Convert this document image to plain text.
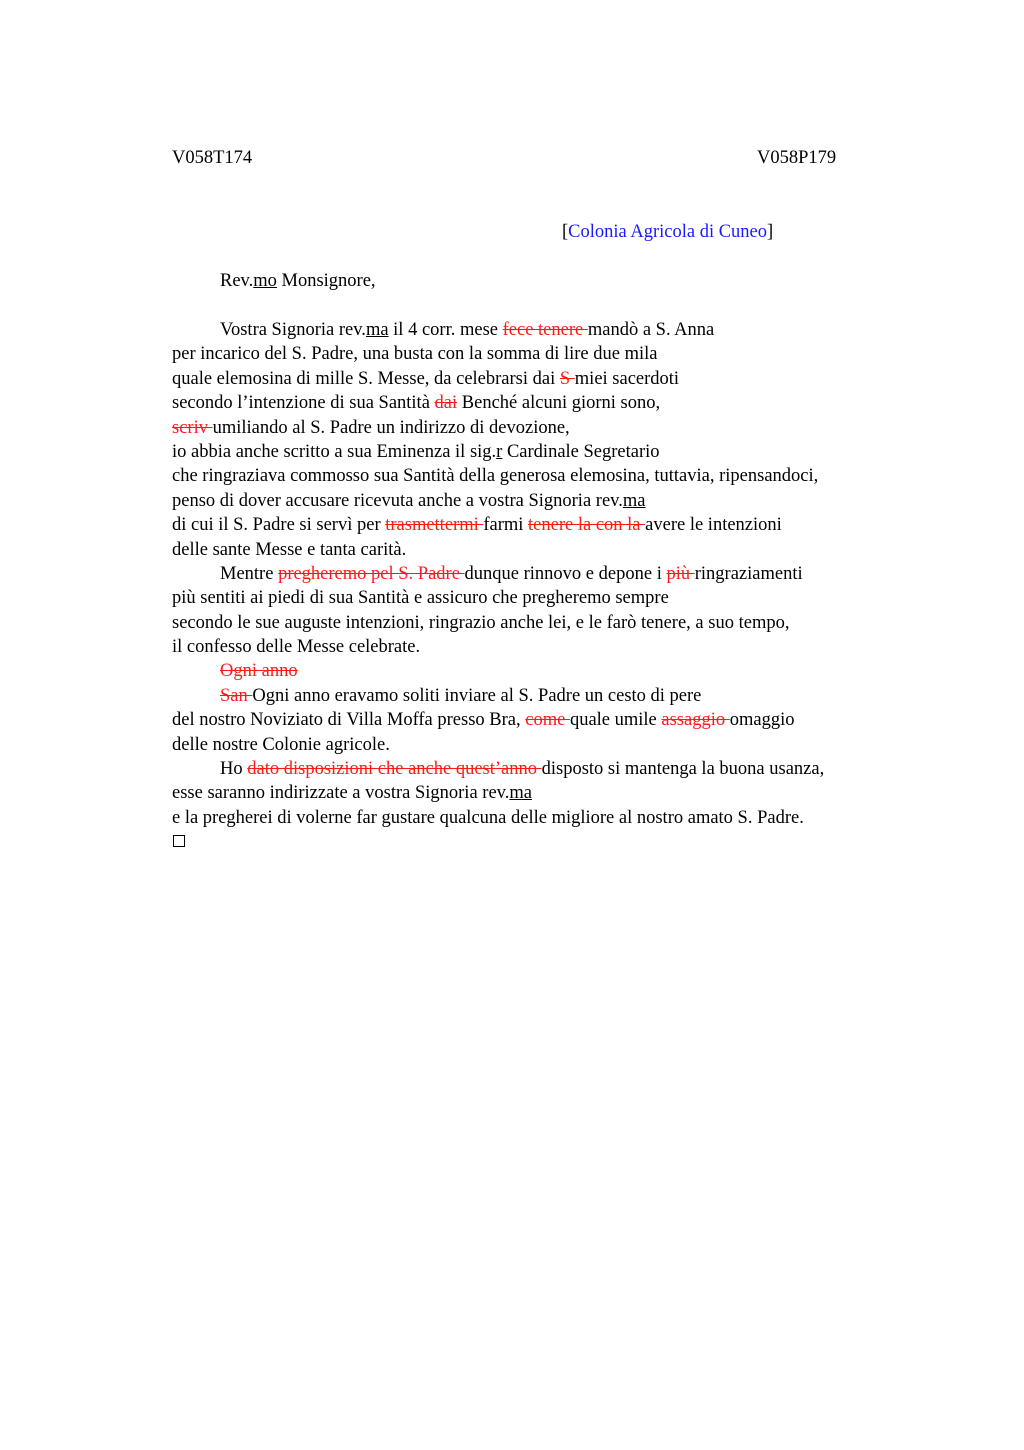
V058T174	V058P179
[Colonia Agricola di Cuneo]
Rev.mo Monsignore,
Vostra Signoria rev.ma il 4 corr. mese fece tenere mandò a S. Anna
per incarico del S. Padre, una busta con la somma di lire due mila
quale elemosina di mille S. Messe, da celebrarsi dai S miei sacerdoti
secondo l’intenzione di sua Santità dai Benché alcuni giorni sono,
scriv umiliando al S. Padre un indirizzo di devozione,
io abbia anche scritto a sua Eminenza il sig.r Cardinale Segretario
che ringraziava commosso sua Santità della generosa elemosina, tuttavia, ripensandoci,
penso di dover accusare ricevuta anche a vostra Signoria rev.ma
di cui il S. Padre si servì per trasmettermi farmi tenere la con la avere le intenzioni
delle sante Messe e tanta carità.
Mentre pregheremo pel S. Padre dunque rinnovo e depone i più ringraziamenti
più sentiti ai piedi di sua Santità e assicuro che pregheremo sempre
secondo le sue auguste intenzioni, ringrazio anche lei, e le farò tenere, a suo tempo,
il confesso delle Messe celebrate.
Ogni anno
San Ogni anno eravamo soliti inviare al S. Padre un cesto di pere
del nostro Noviziato di Villa Moffa presso Bra, come quale umile assaggio omaggio
delle nostre Colonie agricole.
Ho dato disposizioni che anche quest’anno disposto si mantenga la buona usanza,
esse saranno indirizzate a vostra Signoria rev.ma
e la pregherei di volerne far gustare qualcuna delle migliore al nostro amato S. Padre.
